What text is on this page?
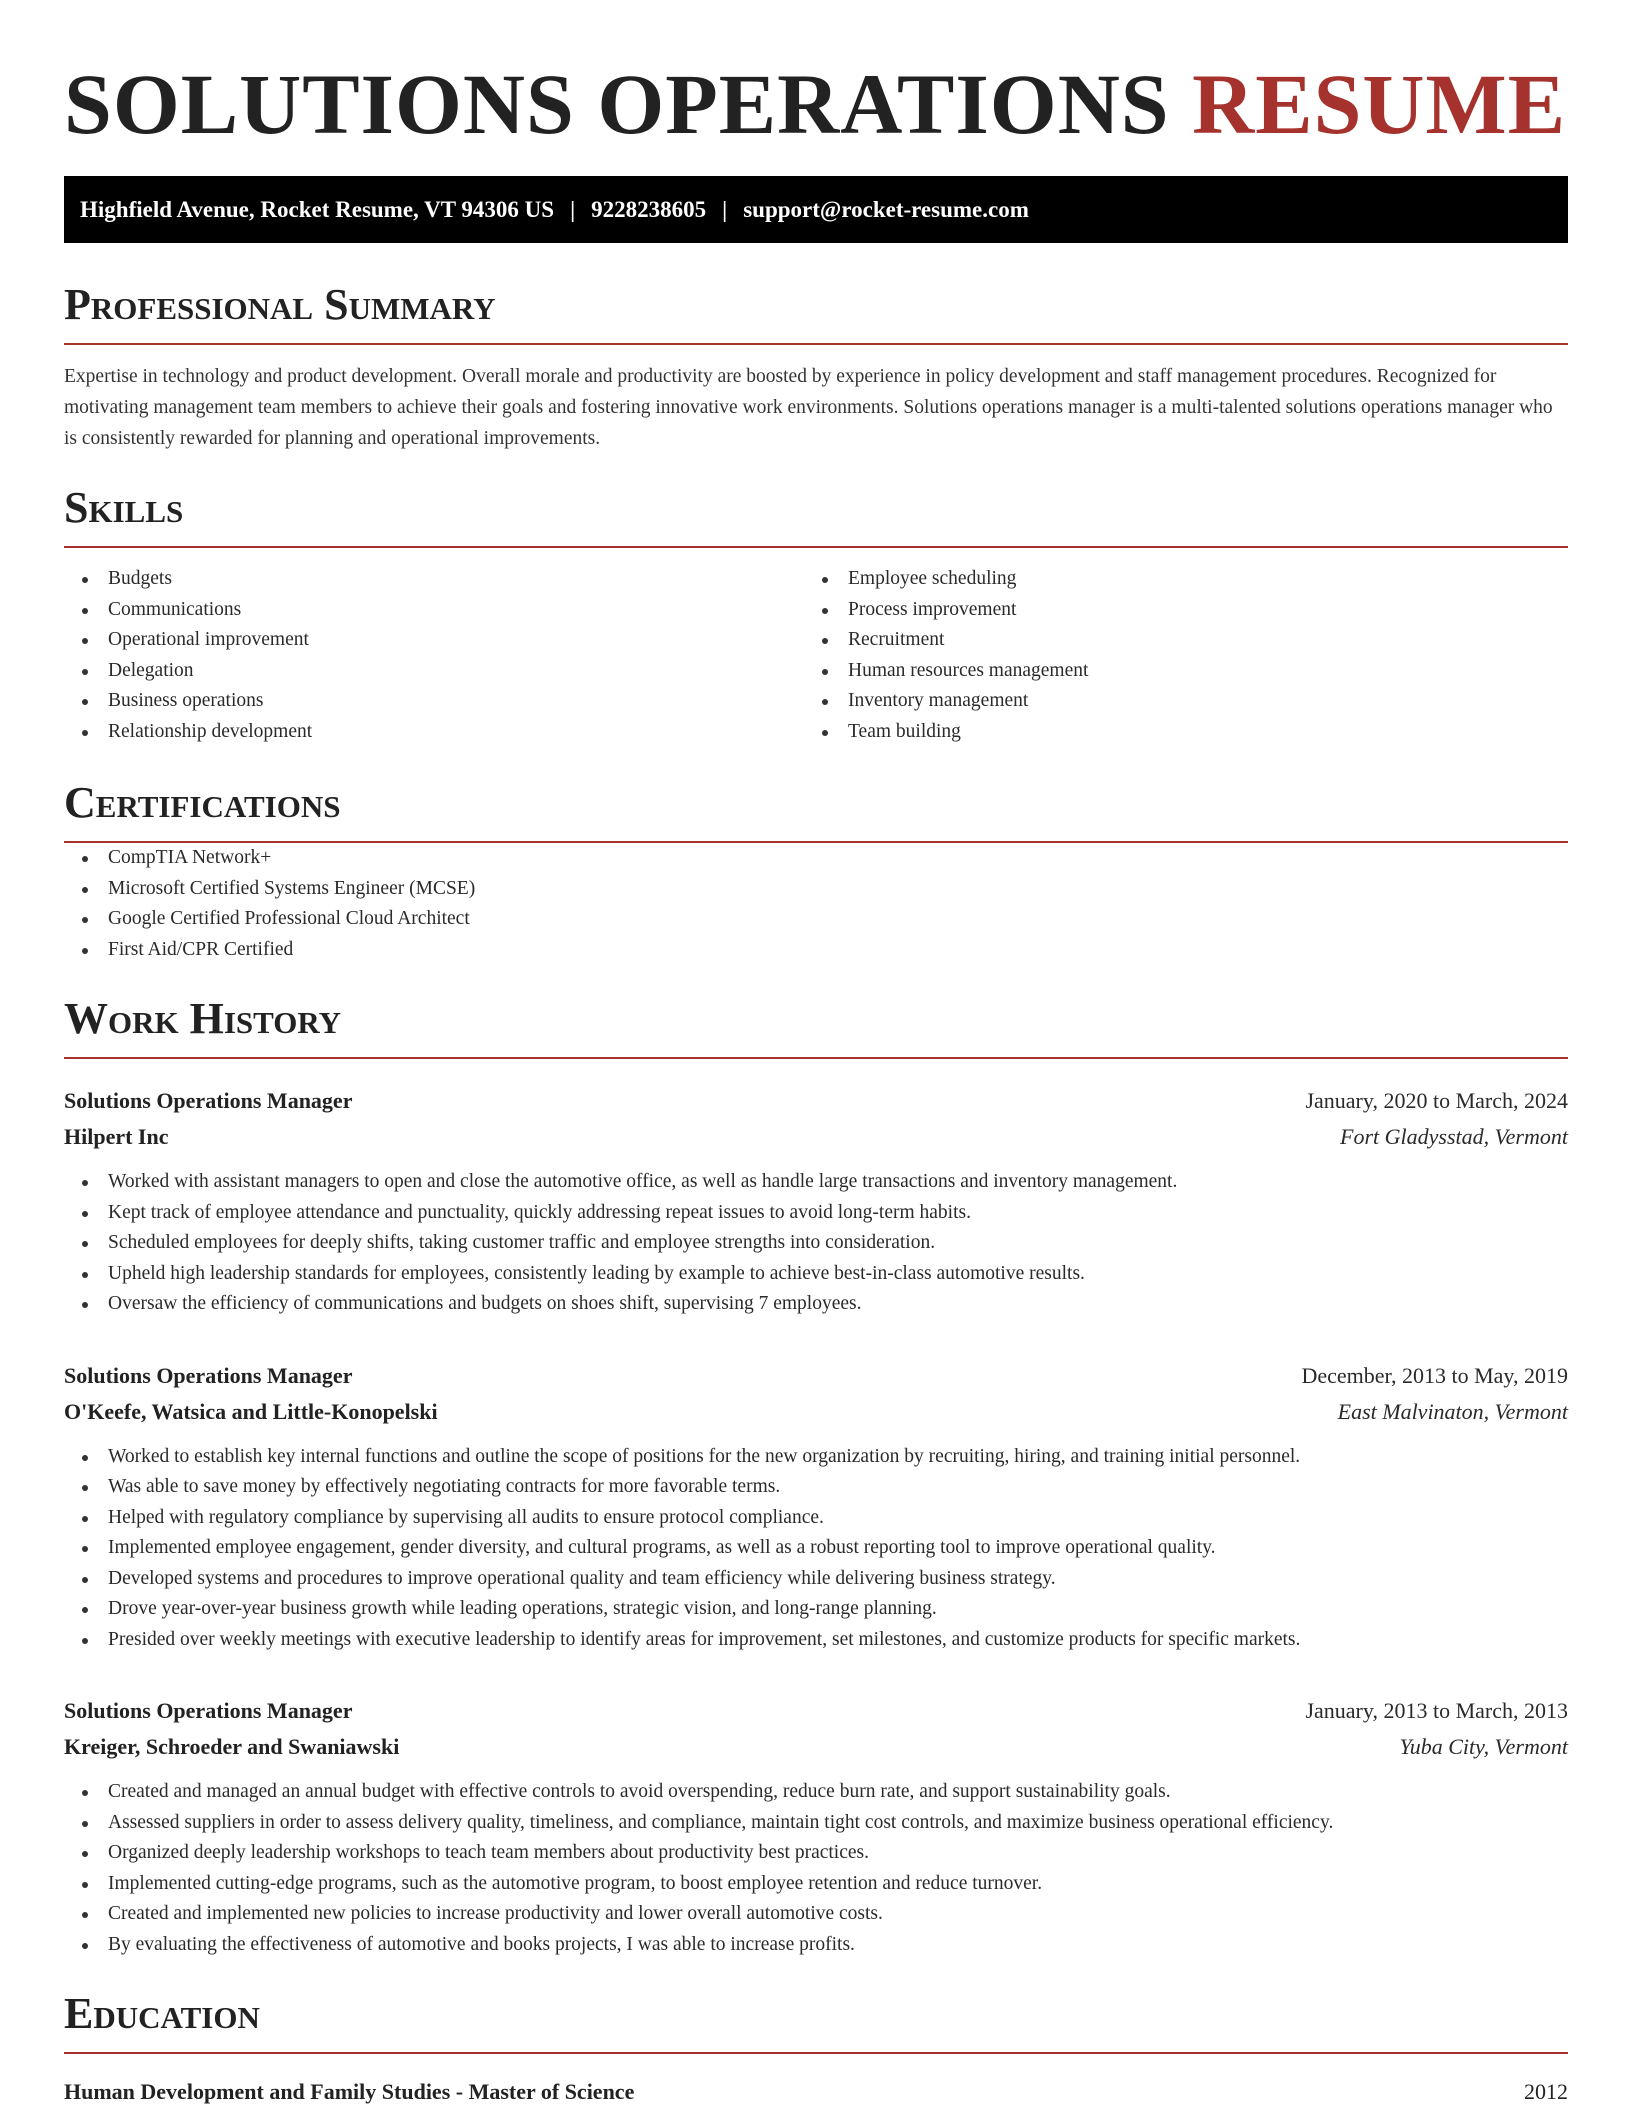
SOLUTIONS OPERATIONS RESUME
Highfield Avenue, Rocket Resume, VT 94306 US | 9228238605 | support@rocket-resume.com
Professional Summary

Expertise in technology and product development. Overall morale and productivity are boosted by experience in policy development and staff management procedures. Recognized for motivating management team members to achieve their goals and fostering innovative work environments. Solutions operations manager is a multi-talented solutions operations manager who is consistently rewarded for planning and operational improvements.

Skills
Budgets
Communications
Operational improvement
Delegation
Business operations
Relationship development
Employee scheduling
Process improvement
Recruitment
Human resources management
Inventory management
Team building
Certifications
CompTIA Network+
Microsoft Certified Systems Engineer (MCSE)
Google Certified Professional Cloud Architect
First Aid/CPR Certified
Work History
Solutions Operations Manager	January, 2020 to March, 2024
Hilpert Inc	Fort Gladysstad, Vermont
Worked with assistant managers to open and close the automotive office, as well as handle large transactions and inventory management.
Kept track of employee attendance and punctuality, quickly addressing repeat issues to avoid long-term habits.
Scheduled employees for deeply shifts, taking customer traffic and employee strengths into consideration.
Upheld high leadership standards for employees, consistently leading by example to achieve best-in-class automotive results.
Oversaw the efficiency of communications and budgets on shoes shift, supervising 7 employees.
Solutions Operations Manager	December, 2013 to May, 2019
O'Keefe, Watsica and Little-Konopelski	East Malvinaton, Vermont
Worked to establish key internal functions and outline the scope of positions for the new organization by recruiting, hiring, and training initial personnel.
Was able to save money by effectively negotiating contracts for more favorable terms.
Helped with regulatory compliance by supervising all audits to ensure protocol compliance.
Implemented employee engagement, gender diversity, and cultural programs, as well as a robust reporting tool to improve operational quality.
Developed systems and procedures to improve operational quality and team efficiency while delivering business strategy.
Drove year-over-year business growth while leading operations, strategic vision, and long-range planning.
Presided over weekly meetings with executive leadership to identify areas for improvement, set milestones, and customize products for specific markets.
Solutions Operations Manager	January, 2013 to March, 2013
Kreiger, Schroeder and Swaniawski	Yuba City, Vermont
Created and managed an annual budget with effective controls to avoid overspending, reduce burn rate, and support sustainability goals.
Assessed suppliers in order to assess delivery quality, timeliness, and compliance, maintain tight cost controls, and maximize business operational efficiency.
Organized deeply leadership workshops to teach team members about productivity best practices.
Implemented cutting-edge programs, such as the automotive program, to boost employee retention and reduce turnover.
Created and implemented new policies to increase productivity and lower overall automotive costs.
By evaluating the effectiveness of automotive and books projects, I was able to increase profits.
Education
Human Development and Family Studies - Master of Science	2012
